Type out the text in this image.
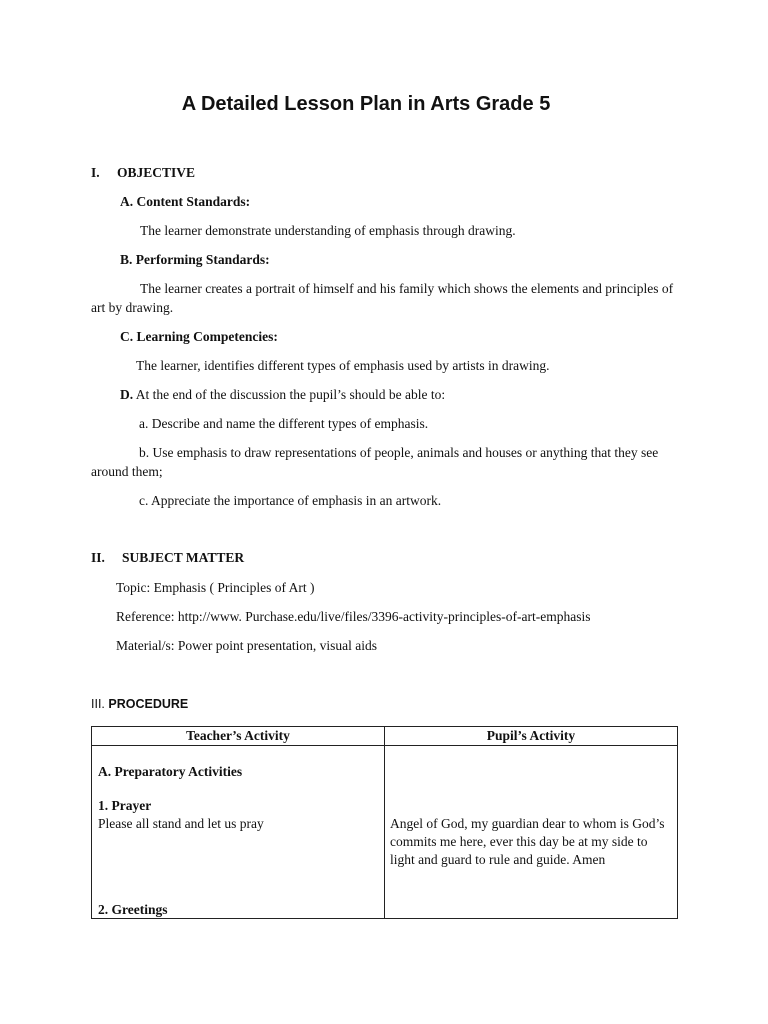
A Detailed Lesson Plan in Arts Grade 5
I. OBJECTIVE
A. Content Standards:
The learner demonstrate understanding of emphasis through drawing.
B. Performing Standards:
The learner creates a portrait of himself and his family which shows the elements and principles of art by drawing.
C. Learning Competencies:
The learner, identifies different types of emphasis used by artists in drawing.
D. At the end of the discussion the pupil’s should be able to:
a. Describe and name the different types of emphasis.
b. Use emphasis to draw representations of people, animals and houses or anything that they see around them;
c. Appreciate the importance of emphasis in an artwork.
II. SUBJECT MATTER
Topic: Emphasis ( Principles of Art )
Reference: http://www. Purchase.edu/live/files/3396-activity-principles-of-art-emphasis
Material/s: Power point presentation, visual aids
III. PROCEDURE
Teacher’s Activity	Pupil’s Activity
A. Preparatory Activities
1. Prayer
Please all stand and let us pray	Angel of God, my guardian dear to whom is God’s commits me here, ever this day be at my side to light and guard to rule and guide. Amen
2. Greetings
